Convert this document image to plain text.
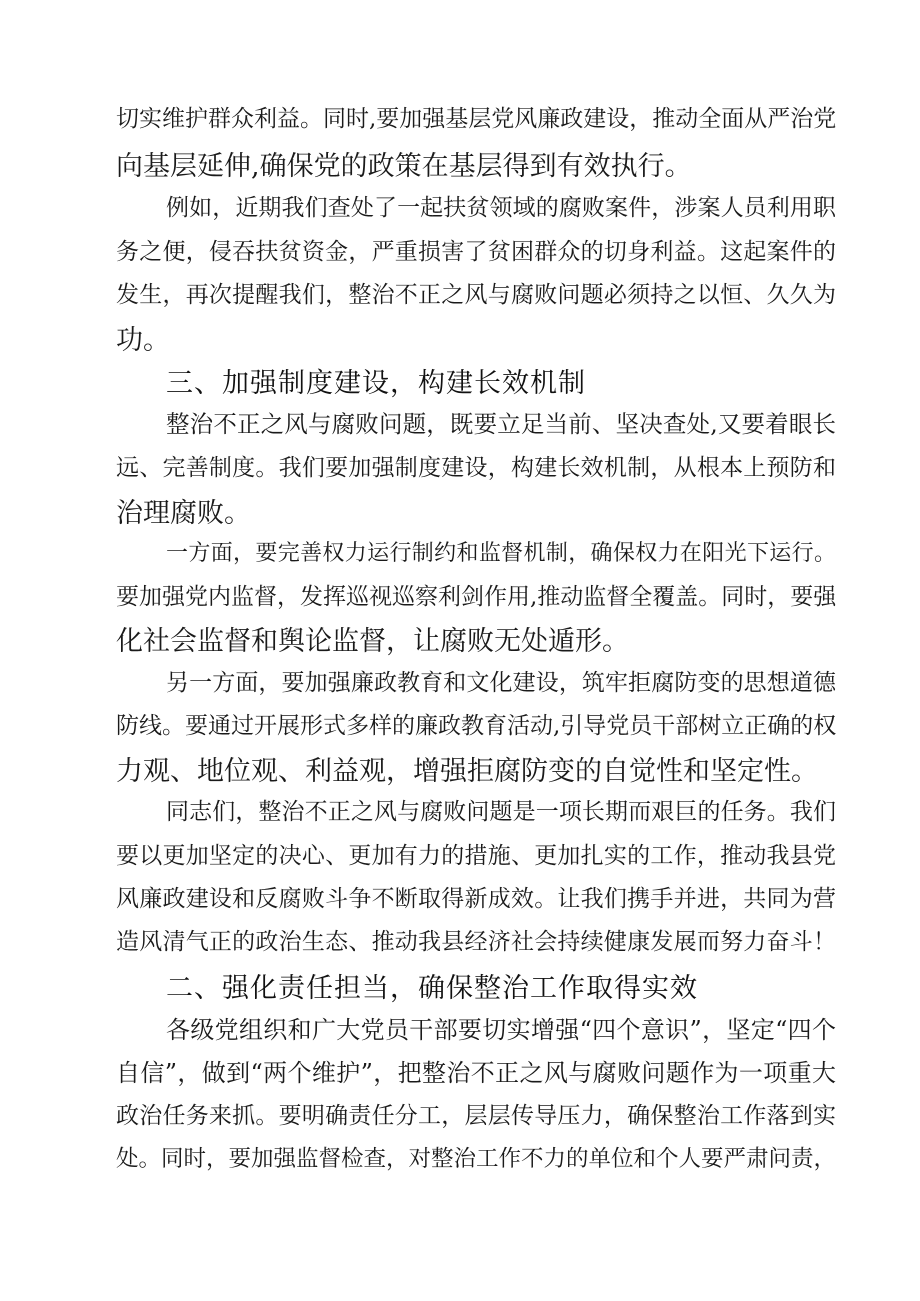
切实维护群众利益。同时,要加强基层党风廉政建设，推动全面从严治党
向基层延伸,确保党的政策在基层得到有效执行。
例如，近期我们查处了一起扶贫领域的腐败案件，涉案人员利用职
务之便，侵吞扶贫资金，严重损害了贫困群众的切身利益。这起案件的
发生，再次提醒我们，整治不正之风与腐败问题必须持之以恒、久久为
功。
三、加强制度建设，构建长效机制
整治不正之风与腐败问题，既要立足当前、坚决查处,又要着眼长
远、完善制度。我们要加强制度建设，构建长效机制，从根本上预防和
治理腐败。
一方面，要完善权力运行制约和监督机制，确保权力在阳光下运行。
要加强党内监督，发挥巡视巡察利剑作用,推动监督全覆盖。同时，要强
化社会监督和舆论监督，让腐败无处遁形。
另一方面，要加强廉政教育和文化建设，筑牢拒腐防变的思想道德
防线。要通过开展形式多样的廉政教育活动,引导党员干部树立正确的权
力观、地位观、利益观，增强拒腐防变的自觉性和坚定性。
同志们，整治不正之风与腐败问题是一项长期而艰巨的任务。我们
要以更加坚定的决心、更加有力的措施、更加扎实的工作，推动我县党
风廉政建设和反腐败斗争不断取得新成效。让我们携手并进，共同为营
造风清气正的政治生态、推动我县经济社会持续健康发展而努力奋斗！
二、强化责任担当，确保整治工作取得实效
各级党组织和广大党员干部要切实增强“四个意识”，坚定“四个
自信”，做到“两个维护”，把整治不正之风与腐败问题作为一项重大
政治任务来抓。要明确责任分工，层层传导压力，确保整治工作落到实
处。同时，要加强监督检查，对整治工作不力的单位和个人要严肃问责，
